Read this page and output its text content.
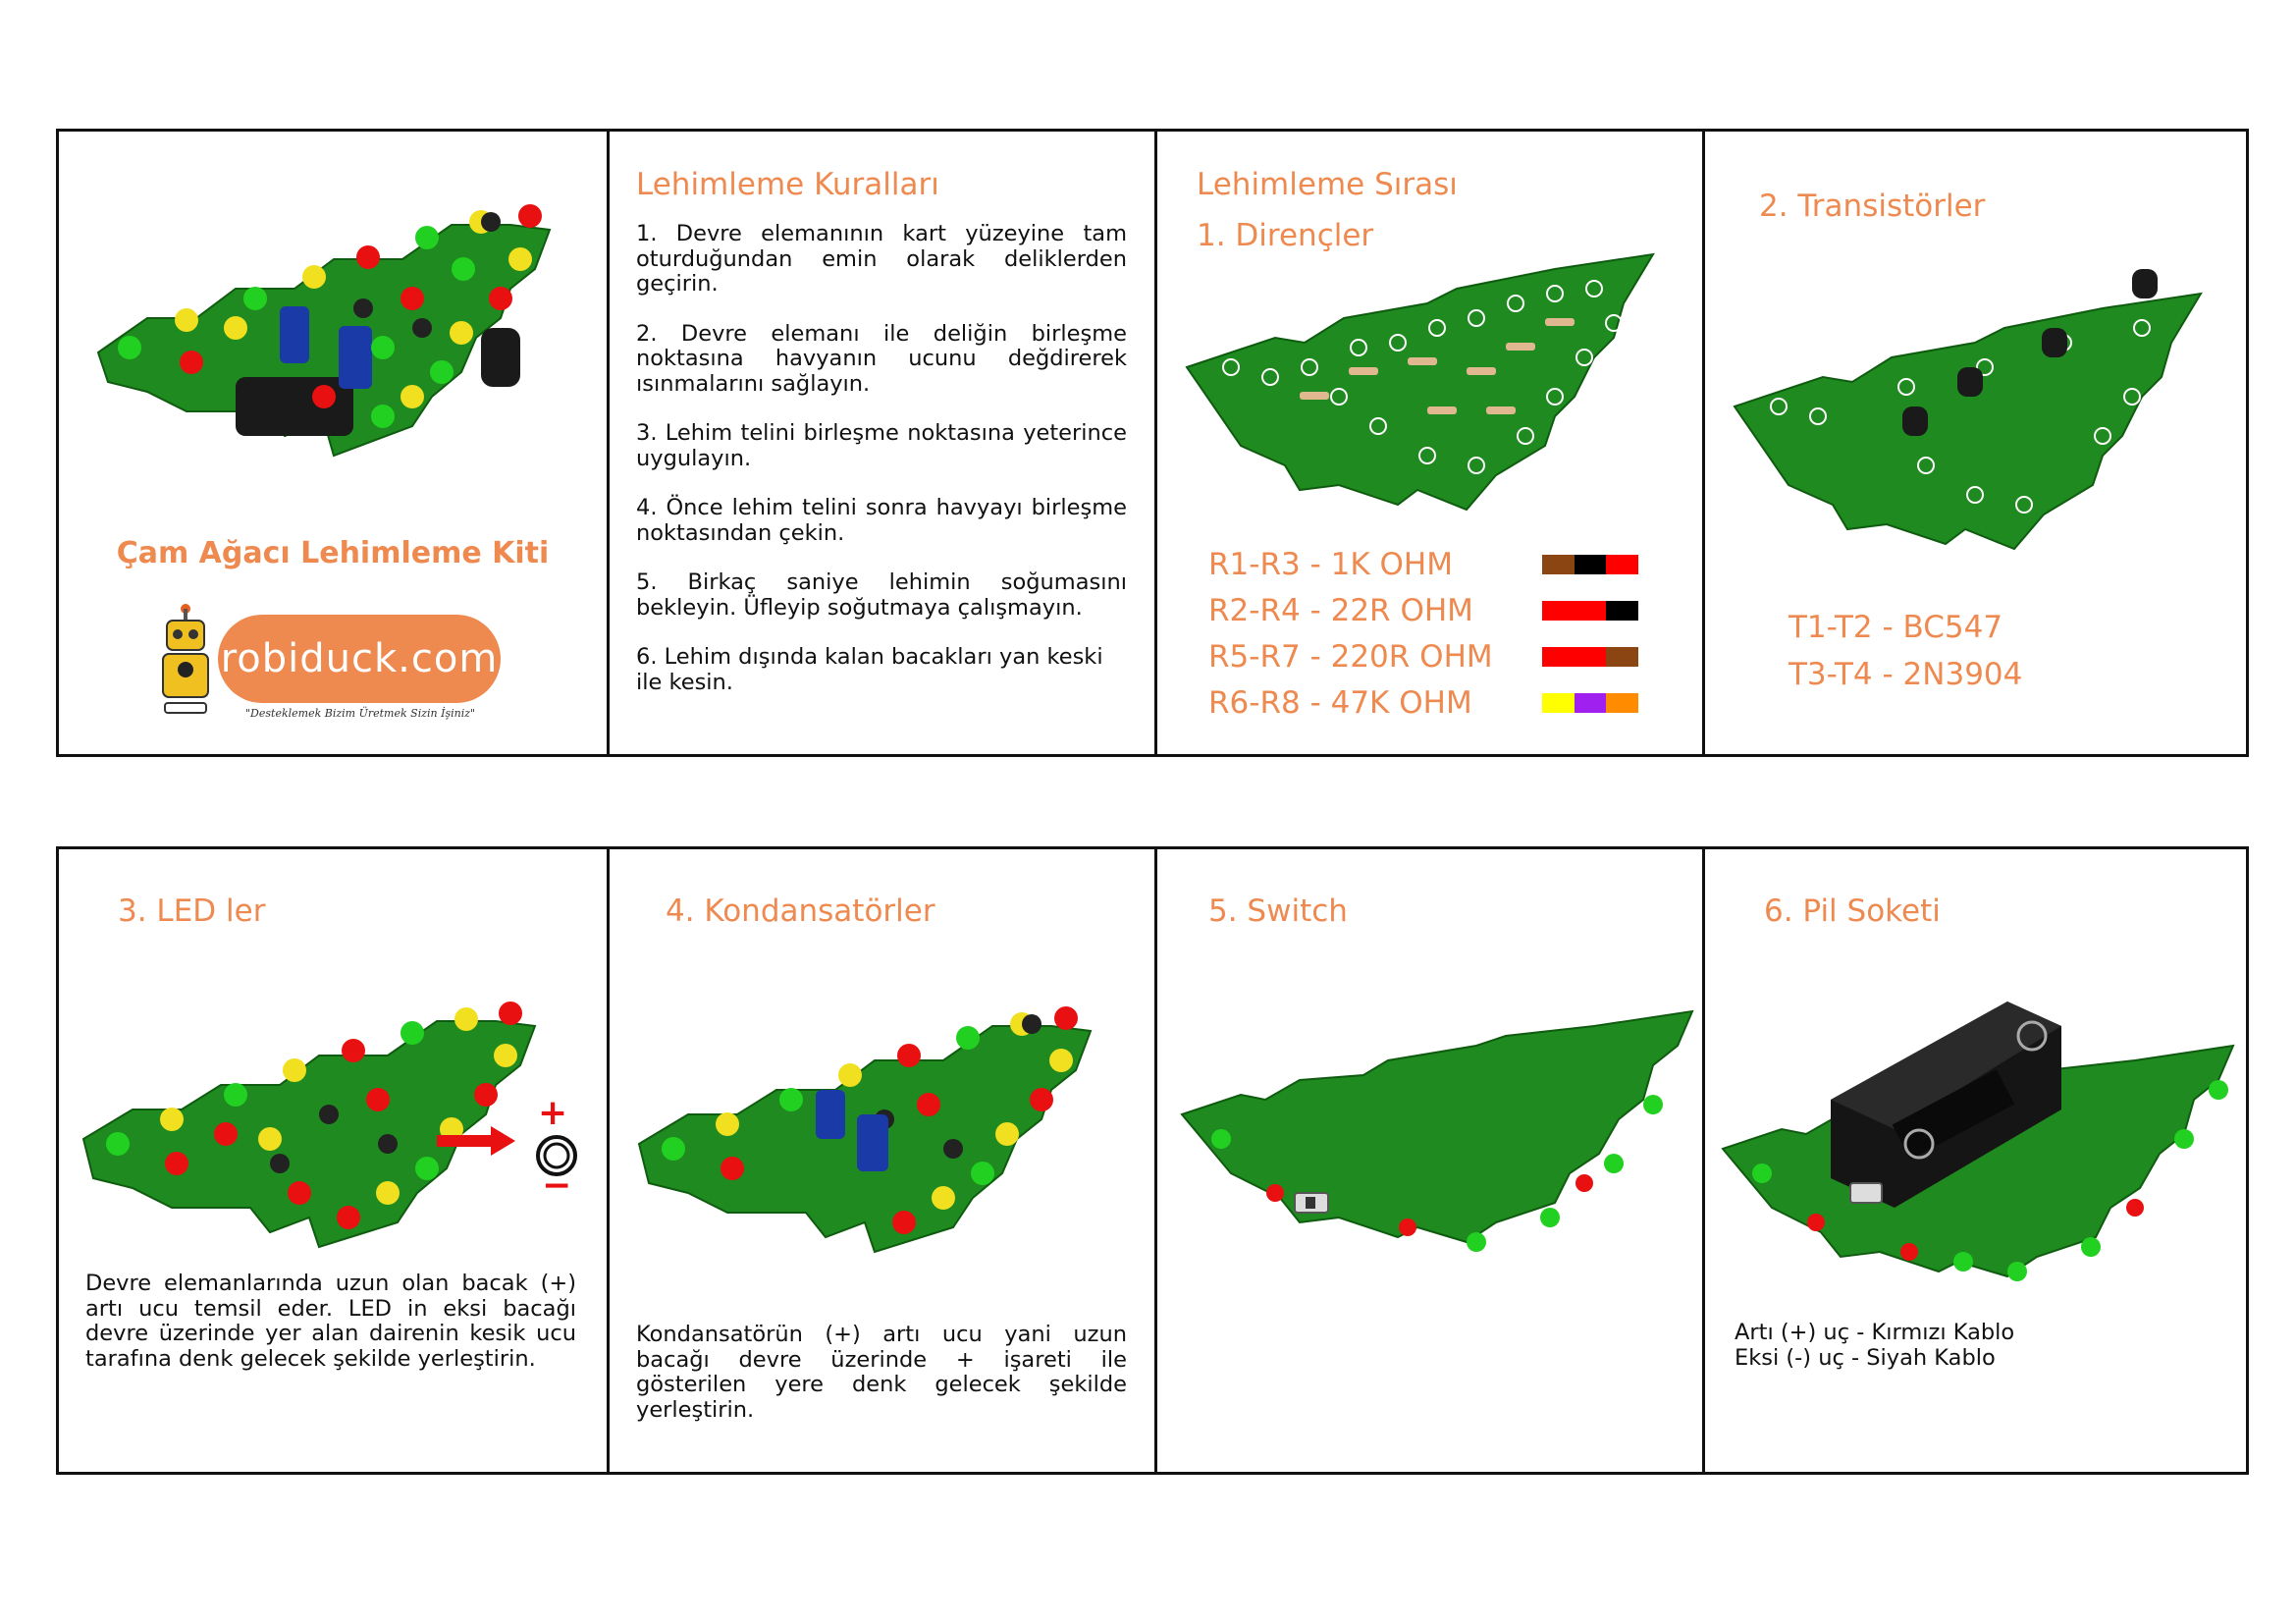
Çam Ağacı Lehimleme Kiti
robiduck.com
"Desteklemek Bizim Üretmek Sizin İşiniz"
Lehimleme Kuralları

1. Devre elemanının kart yüzeyine tam oturduğundan emin olarak deliklerden geçirin.

2. Devre elemanı ile deliğin birleşme noktasına havyanın ucunu değdirerek ısınmalarını sağlayın.

3. Lehim telini birleşme noktasına yeterince uygulayın.

4. Önce lehim telini sonra havyayı birleşme noktasından çekin.

5. Birkaç saniye lehimin soğumasını bekleyin. Üfleyip soğutmaya çalışmayın.

6. Lehim dışında kalan bacakları yan keski ile kesin.

Lehimleme Sırası
1. Dirençler
R1-R3 - 1K OHM
R2-R4 - 22R OHM
R5-R7 - 220R OHM
R6-R8 - 47K OHM
2. Transistörler
T1-T2 - BC547
T3-T4 - 2N3904
3. LED ler
+
−
Devre elemanlarında uzun olan bacak (+) artı ucu temsil eder. LED in eksi bacağı devre üzerinde yer alan dairenin kesik ucu tarafına denk gelecek şekilde yerleştirin.
4. Kondansatörler
Kondansatörün (+) artı ucu yani uzun bacağı devre üzerinde + işareti ile gösterilen yere denk gelecek şekilde yerleştirin.
5. Switch	6. Pil Soketi
Artı (+) uç - Kırmızı Kablo
Eksi (-) uç - Siyah Kablo
